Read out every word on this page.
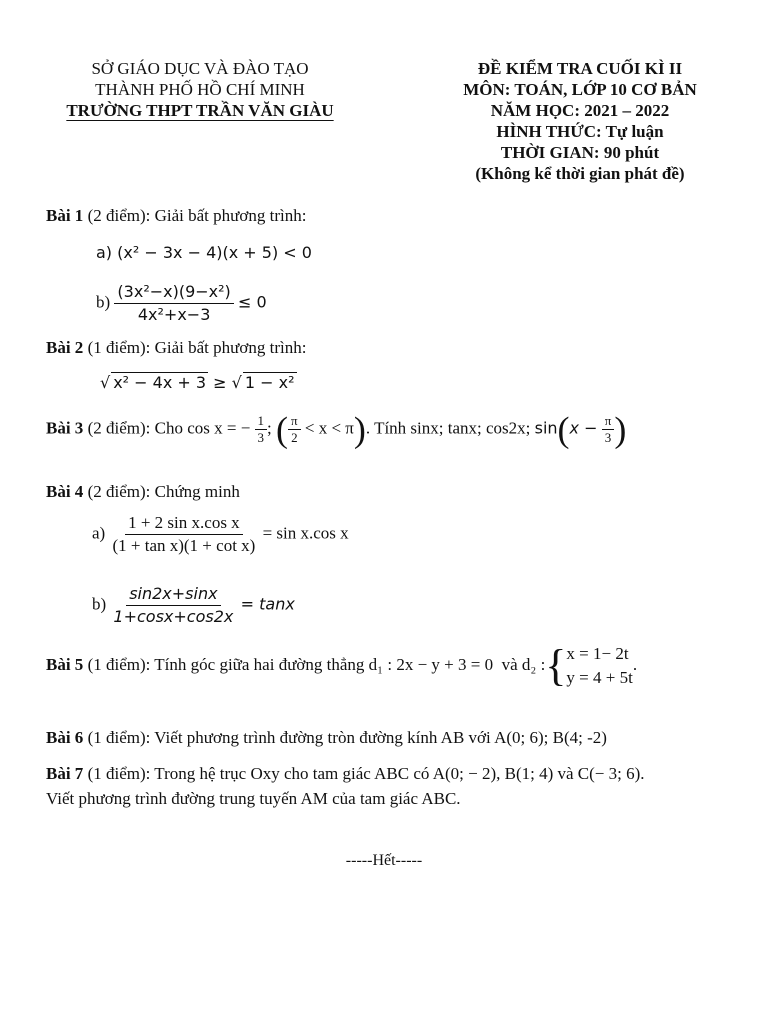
SỞ GIÁO DỤC VÀ ĐÀO TẠO
THÀNH PHỐ HỒ CHÍ MINH
TRƯỜNG THPT TRẦN VĂN GIÀU
ĐỀ KIỂM TRA CUỐI KÌ II
MÔN: TOÁN, LỚP 10 CƠ BẢN
NĂM HỌC: 2021 – 2022
HÌNH THỨC: Tự luận
THỜI GIAN: 90 phút
(Không kể thời gian phát đề)
Bài 1 (2 điểm): Giải bất phương trình:
a) (x² − 3x − 4)(x + 5) < 0
$b) \frac{\text{(3x²−x)(9−x²)}}{\text{4x²+x−3}} \le 0$
Bài 2 (1 điểm): Giải bất phương trình:
√ x² − 4x + 3 ≥ √ 1 − x²
Bài 3 (2 điểm): Cho cos x = − $\frac{1}{3}$ ; ( $\frac{\pi}{2} < x < \pi$). Tính sinx; tanx; cos2x; $\sin(x - \frac{\pi}{3}$ )
Bài 4 (2 điểm): Chứng minh
$a) \frac{\text{1 + 2 sin x.cos x}}{\text{(1 + tan x)(1 + cot x)}} = \sin x.\cos$ x
$b) \frac{\sin 2x+\sin x}{1+\cos x+\cos 2x} = \tan x$
Bài 5 (1 điểm): Tính góc giữa hai đường thẳng d₁ : 2x − y + 3 = 0 và d₂ :{ x = 1− 2t
y = 4 + 5t
.
Bài 6 (1 điểm): Viết phương trình đường tròn đường kính AB với A(0; 6); B(4; -2)
Bài 7 (1 điểm): Trong hệ trục Oxy cho tam giác ABC có A(0; − 2), B(1; 4) và C(− 3; 6).
Viết phương trình đường trung tuyến AM của tam giác ABC.
-----Hết-----
